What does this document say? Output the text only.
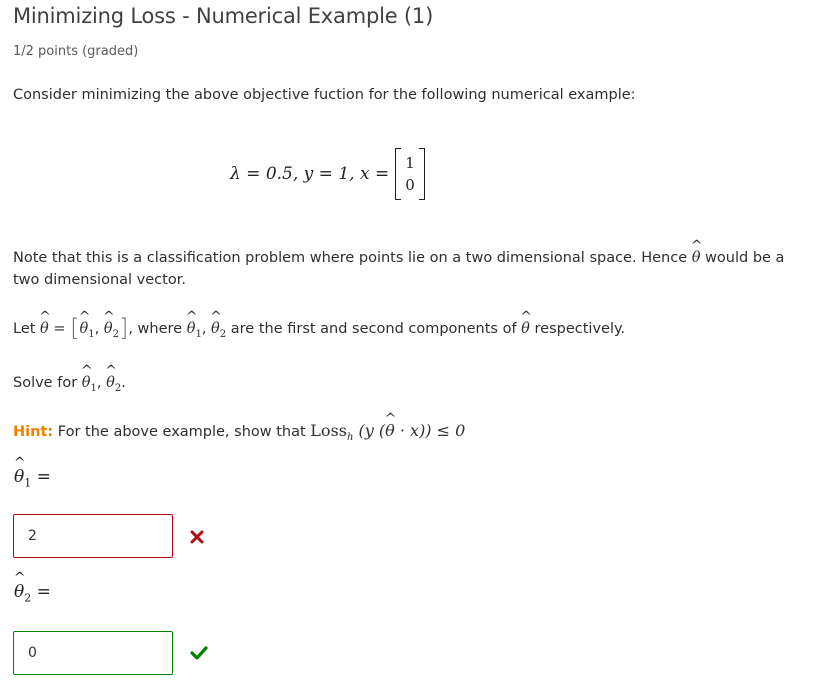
Minimizing Loss - Numerical Example (1)
1/2 points (graded)
Consider minimizing the above objective fuction for the following numerical example:
λ = 0.5,
y = 1,
x =
1
0
Note that this is a classification problem where points lie on a two dimensional space. Hence ^ θ would be a
two dimensional vector.
Let ^ θ = [^ $\theta_1$, ^ $\theta_2$], where ^ $\theta_1$, ^ $\theta_2$ are the first and second components of ^ θ respectively.
Solve for ^ $\theta_1$, ^ $\theta_2$.
Hint: For the above example, show that Loss$_h$ (y (^ θ · x)) ≤ 0
^ $\theta_1$ =
2
^ $\theta_2$ =
0
